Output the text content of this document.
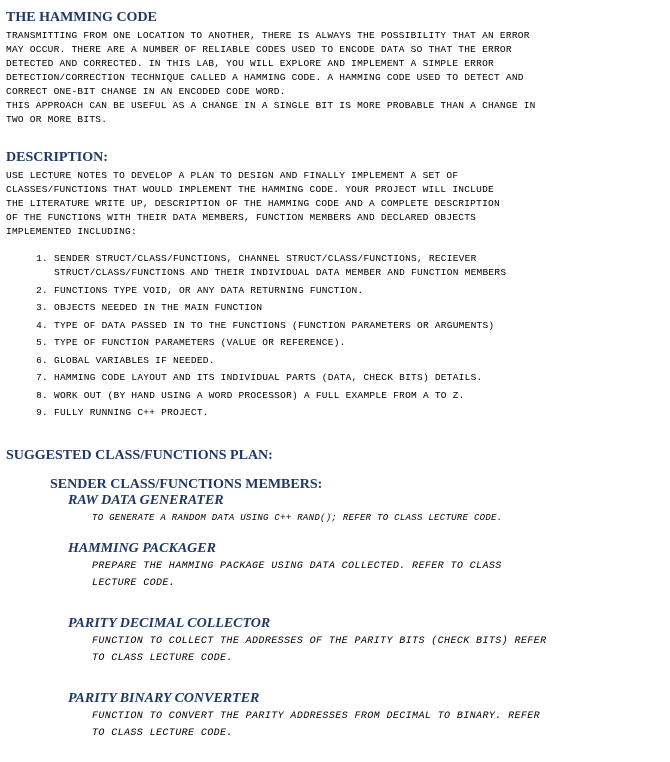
THE HAMMING CODE

TRANSMITTING FROM ONE LOCATION TO ANOTHER, THERE IS ALWAYS THE POSSIBILITY THAT AN ERROR
MAY OCCUR. THERE ARE A NUMBER OF RELIABLE CODES USED TO ENCODE DATA SO THAT THE ERROR
DETECTED AND CORRECTED. IN THIS LAB, YOU WILL EXPLORE AND IMPLEMENT A SIMPLE ERROR
DETECTION/CORRECTION TECHNIQUE CALLED A HAMMING CODE. A HAMMING CODE USED TO DETECT AND
CORRECT ONE-BIT CHANGE IN AN ENCODED CODE WORD.

THIS APPROACH CAN BE USEFUL AS A CHANGE IN A SINGLE BIT IS MORE PROBABLE THAN A CHANGE IN
TWO OR MORE BITS.

DESCRIPTION:

USE LECTURE NOTES TO DEVELOP A PLAN TO DESIGN AND FINALLY IMPLEMENT A SET OF
CLASSES/FUNCTIONS THAT WOULD IMPLEMENT THE HAMMING CODE. YOUR PROJECT WILL INCLUDE
THE LITERATURE WRITE UP, DESCRIPTION OF THE HAMMING CODE AND A COMPLETE DESCRIPTION
OF THE FUNCTIONS WITH THEIR DATA MEMBERS, FUNCTION MEMBERS AND DECLARED OBJECTS
IMPLEMENTED INCLUDING:

1. SENDER STRUCT/CLASS/FUNCTIONS, CHANNEL STRUCT/CLASS/FUNCTIONS, RECIEVER
STRUCT/CLASS/FUNCTIONS AND THEIR INDIVIDUAL DATA MEMBER AND FUNCTION MEMBERS
2. FUNCTIONS TYPE VOID, OR ANY DATA RETURNING FUNCTION.
3. OBJECTS NEEDED IN THE MAIN FUNCTION
4. TYPE OF DATA PASSED IN TO THE FUNCTIONS (FUNCTION PARAMETERS OR ARGUMENTS)
5. TYPE OF FUNCTION PARAMETERS (VALUE OR REFERENCE).
6. GLOBAL VARIABLES IF NEEDED.
7. HAMMING CODE LAYOUT AND ITS INDIVIDUAL PARTS (DATA, CHECK BITS) DETAILS.
8. WORK OUT (BY HAND USING A WORD PROCESSOR) A FULL EXAMPLE FROM A TO Z.
9. FULLY RUNNING C++ PROJECT.
SUGGESTED CLASS/FUNCTIONS PLAN:
SENDER CLASS/FUNCTIONS MEMBERS:
RAW DATA GENERATER
TO GENERATE A RANDOM DATA USING C++ RAND(); REFER TO CLASS LECTURE CODE.
HAMMING PACKAGER
PREPARE THE HAMMING PACKAGE USING DATA COLLECTED. REFER TO CLASS
LECTURE CODE.
PARITY DECIMAL COLLECTOR
FUNCTION TO COLLECT THE ADDRESSES OF THE PARITY BITS (CHECK BITS) REFER
TO CLASS LECTURE CODE.
PARITY BINARY CONVERTER
FUNCTION TO CONVERT THE PARITY ADDRESSES FROM DECIMAL TO BINARY. REFER
TO CLASS LECTURE CODE.
